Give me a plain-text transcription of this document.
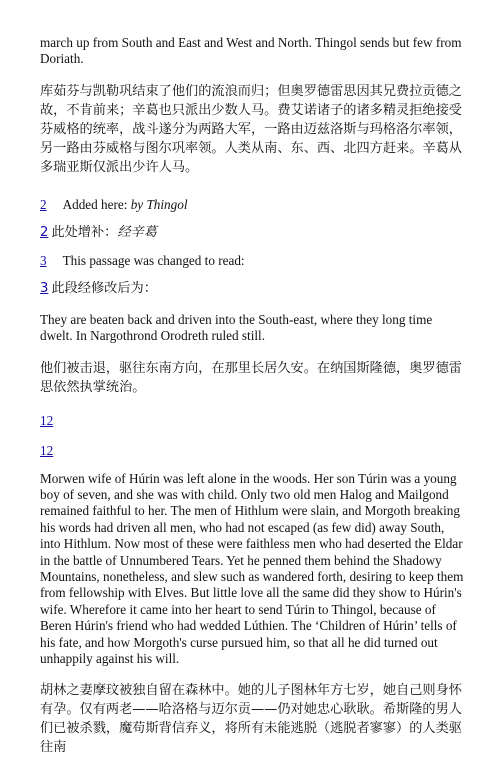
march up from South and East and West and North. Thingol sends but few from Doriath.

库茹芬与凯勒巩结束了他们的流浪而归；但奥罗德雷思因其兄费拉贡德之故，不肯前来；辛葛也只派出少数人马。费艾诺诸子的诸多精灵拒绝接受芬威格的统率，战斗遂分为两路大军，一路由迈兹洛斯与玛格洛尔率领，另一路由芬威格与图尔巩率领。人类从南、东、西、北四方赶来。辛葛从多瑞亚斯仅派出少许人马。

2 Added here: by Thingol

2 此处增补：经辛葛

3 This passage was changed to read:

3 此段经修改后为：

They are beaten back and driven into the South-east, where they long time dwelt. In Nargothrond Orodreth ruled still.

他们被击退，驱往东南方向，在那里长居久安。在纳国斯隆德，奥罗德雷思依然执掌统治。

12

12

Morwen wife of Húrin was left alone in the woods. Her son Túrin was a young boy of seven, and she was with child. Only two old men Halog and Mailgond remained faithful to her. The men of Hithlum were slain, and Morgoth breaking his words had driven all men, who had not escaped (as few did) away South, into Hithlum. Now most of these were faithless men who had deserted the Eldar in the battle of Unnumbered Tears. Yet he penned them behind the Shadowy Mountains, nonetheless, and slew such as wandered forth, desiring to keep them from fellowship with Elves. But little love all the same did they show to Húrin's wife. Wherefore it came into her heart to send Túrin to Thingol, because of Beren Húrin's friend who had wedded Lúthien. The ‘Children of Húrin’ tells of his fate, and how Morgoth's curse pursued him, so that all he did turned out unhappily against his will.

胡林之妻摩玟被独自留在森林中。她的儿子图林年方七岁，她自己则身怀有孕。仅有两老——哈洛格与迈尔贡——仍对她忠心耿耿。希斯隆的男人们已被杀戮，魔苟斯背信弃义，将所有未能逃脱（逃脱者寥寥）的人类驱往南
